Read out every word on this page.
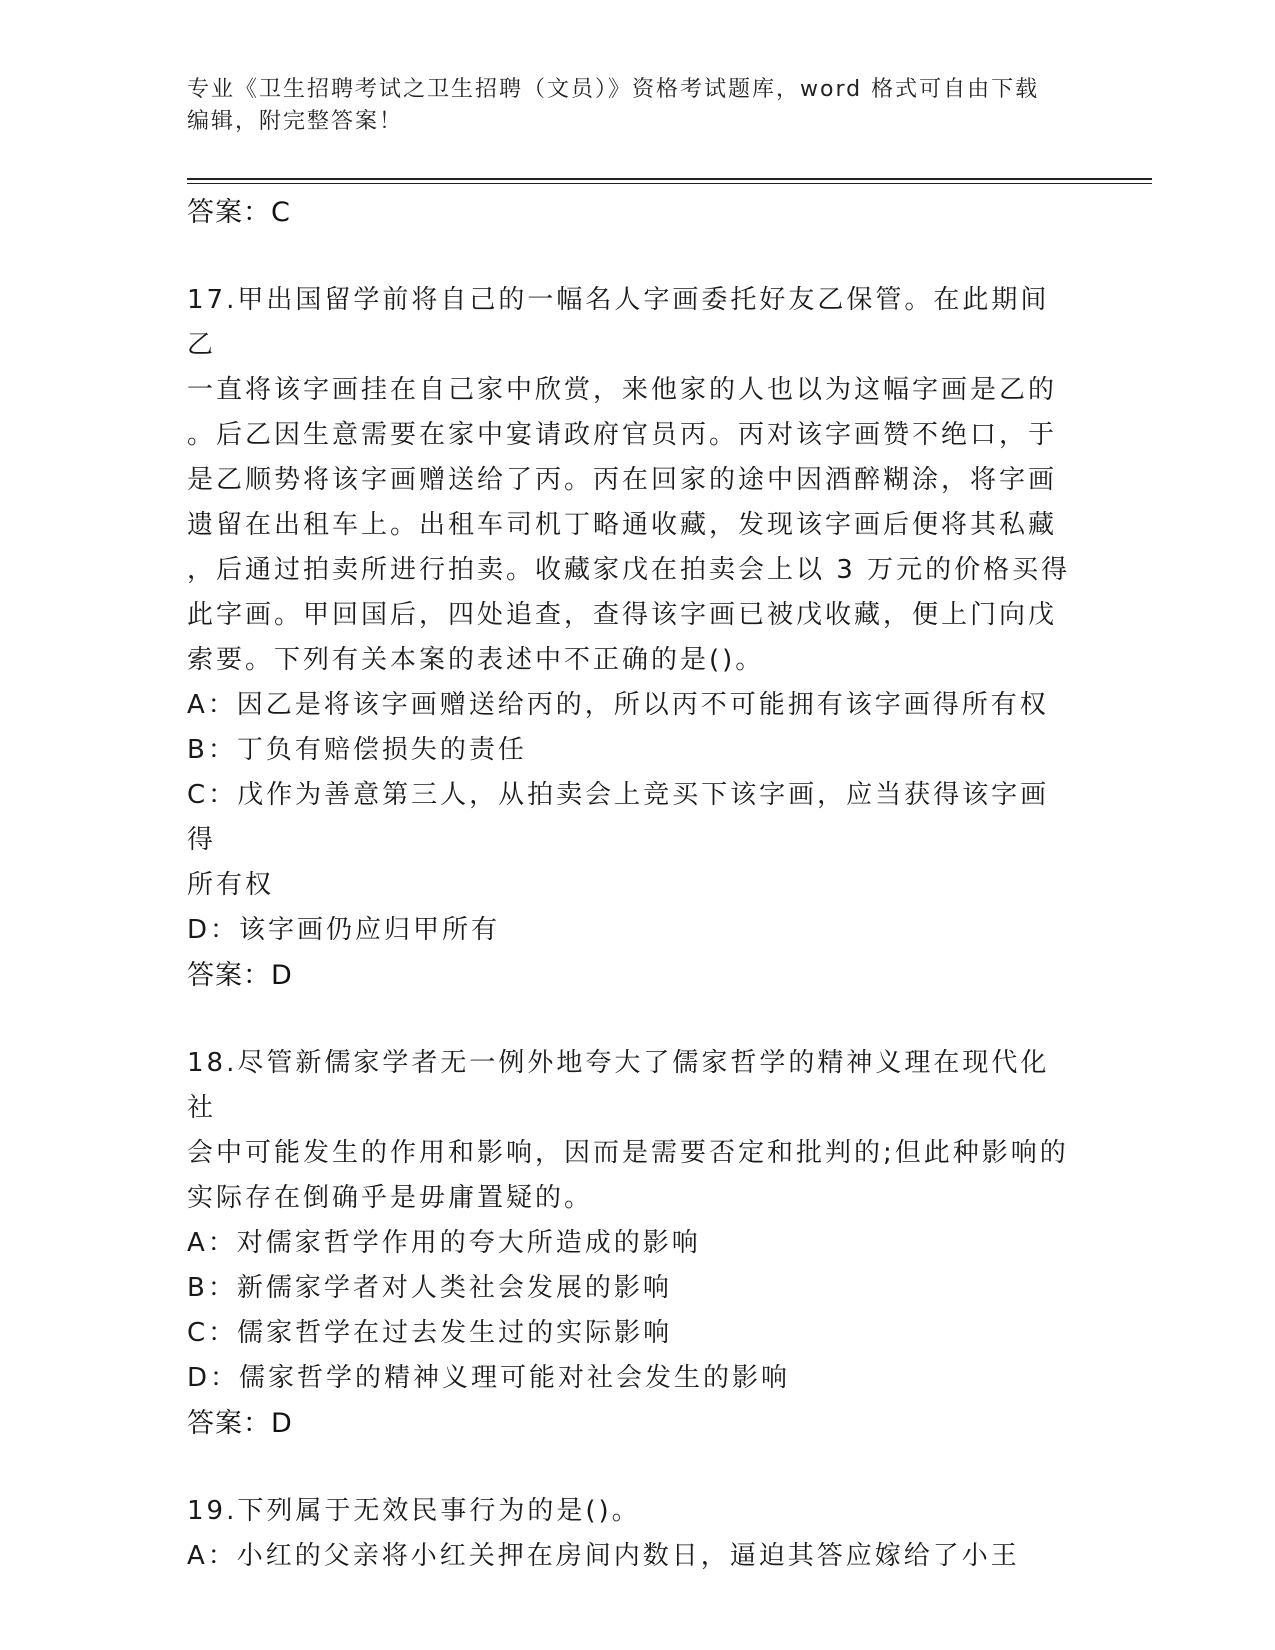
专业《卫生招聘考试之卫生招聘（文员）》资格考试题库，word 格式可自由下载
编辑，附完整答案！
答案：C
17.甲出国留学前将自己的一幅名人字画委托好友乙保管。在此期间乙
一直将该字画挂在自己家中欣赏，来他家的人也以为这幅字画是乙的
。后乙因生意需要在家中宴请政府官员丙。丙对该字画赞不绝口，于
是乙顺势将该字画赠送给了丙。丙在回家的途中因酒醉糊涂，将字画
遗留在出租车上。出租车司机丁略通收藏，发现该字画后便将其私藏
，后通过拍卖所进行拍卖。收藏家戊在拍卖会上以 3 万元的价格买得
此字画。甲回国后，四处追查，查得该字画已被戊收藏，便上门向戊
索要。下列有关本案的表述中不正确的是()。
A：因乙是将该字画赠送给丙的，所以丙不可能拥有该字画得所有权
B：丁负有赔偿损失的责任
C：戊作为善意第三人，从拍卖会上竞买下该字画，应当获得该字画得
所有权
D：该字画仍应归甲所有
答案：D
18.尽管新儒家学者无一例外地夸大了儒家哲学的精神义理在现代化社
会中可能发生的作用和影响，因而是需要否定和批判的;但此种影响的
实际存在倒确乎是毋庸置疑的。
A：对儒家哲学作用的夸大所造成的影响
B：新儒家学者对人类社会发展的影响
C：儒家哲学在过去发生过的实际影响
D：儒家哲学的精神义理可能对社会发生的影响
答案：D
19.下列属于无效民事行为的是()。
A：小红的父亲将小红关押在房间内数日，逼迫其答应嫁给了小王
